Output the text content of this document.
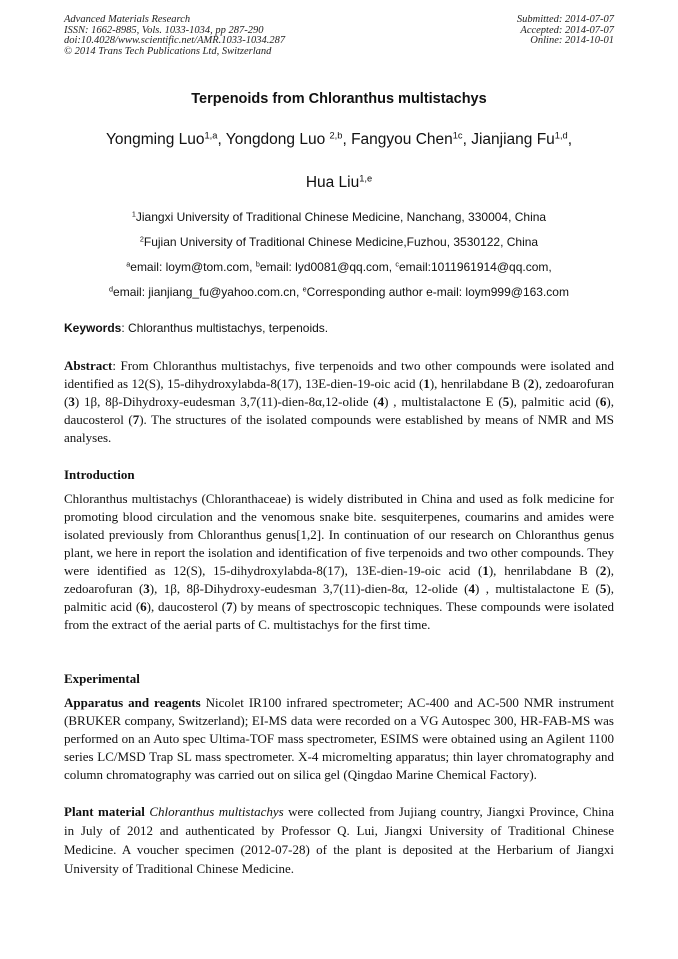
Advanced Materials Research
ISSN: 1662-8985, Vols. 1033-1034, pp 287-290
doi:10.4028/www.scientific.net/AMR.1033-1034.287
© 2014 Trans Tech Publications Ltd, Switzerland
Submitted: 2014-07-07
Accepted: 2014-07-07
Online: 2014-10-01
Terpenoids from Chloranthus multistachys
Yongming Luo$^{1,a}$, Yongdong Luo $^{2,b}$, Fangyou Chen$^{1c}$, Jianjiang Fu$^{1,d}$,
Hua Liu$^{1,e}$
$^1$Jiangxi University of Traditional Chinese Medicine, Nanchang, 330004, China
$^2$Fujian University of Traditional Chinese Medicine,Fuzhou, 3530122, China
$^a$email: loym@tom.com, $^b$email: lyd0081@qq.com, $^c$email:1011961914@qq.com,
$^d$email: jianjiang_fu@yahoo.com.cn, $^e$Corresponding author e-mail: loym999@163.com
Keywords: Chloranthus multistachys, terpenoids.
Abstract: From Chloranthus multistachys, five terpenoids and two other compounds were isolated and identified as 12(S), 15-dihydroxylabda-8(17), 13E-dien-19-oic acid (1), henrilabdane B (2), zedoarofuran (3) 1β, 8β-Dihydroxy-eudesman 3,7(11)-dien-8α,12-olide (4) , multistalactone E (5), palmitic acid (6), daucosterol (7). The structures of the isolated compounds were established by means of NMR and MS analyses.
Introduction
Chloranthus multistachys (Chloranthaceae) is widely distributed in China and used as folk medicine for promoting blood circulation and the venomous snake bite. sesquiterpenes, coumarins and amides were isolated previously from Chloranthus genus[1,2]. In continuation of our research on Chloranthus genus plant, we here in report the isolation and identification of five terpenoids and two other compounds. They were identified as 12(S), 15-dihydroxylabda-8(17), 13E-dien-19-oic acid (1), henrilabdane B (2), zedoarofuran (3), 1β, 8β-Dihydroxy-eudesman 3,7(11)-dien-8α, 12-olide (4) , multistalactone E (5), palmitic acid (6), daucosterol (7) by means of spectroscopic techniques. These compounds were isolated from the extract of the aerial parts of C. multistachys for the first time.
Experimental
Apparatus and reagents Nicolet IR100 infrared spectrometer; AC-400 and AC-500 NMR instrument (BRUKER company, Switzerland); EI-MS data were recorded on a VG Autospec 300, HR-FAB-MS was performed on an Auto spec Ultima-TOF mass spectrometer, ESIMS were obtained using an Agilent 1100 series LC/MSD Trap SL mass spectrometer. X-4 micromelting apparatus; thin layer chromatography and column chromatography was carried out on silica gel (Qingdao Marine Chemical Factory).
Plant material Chloranthus multistachys were collected from Jujiang country, Jiangxi Province, China in July of 2012 and authenticated by Professor Q. Lui, Jiangxi University of Traditional Chinese Medicine. A voucher specimen (2012-07-28) of the plant is deposited at the Herbarium of Jiangxi University of Traditional Chinese Medicine.
